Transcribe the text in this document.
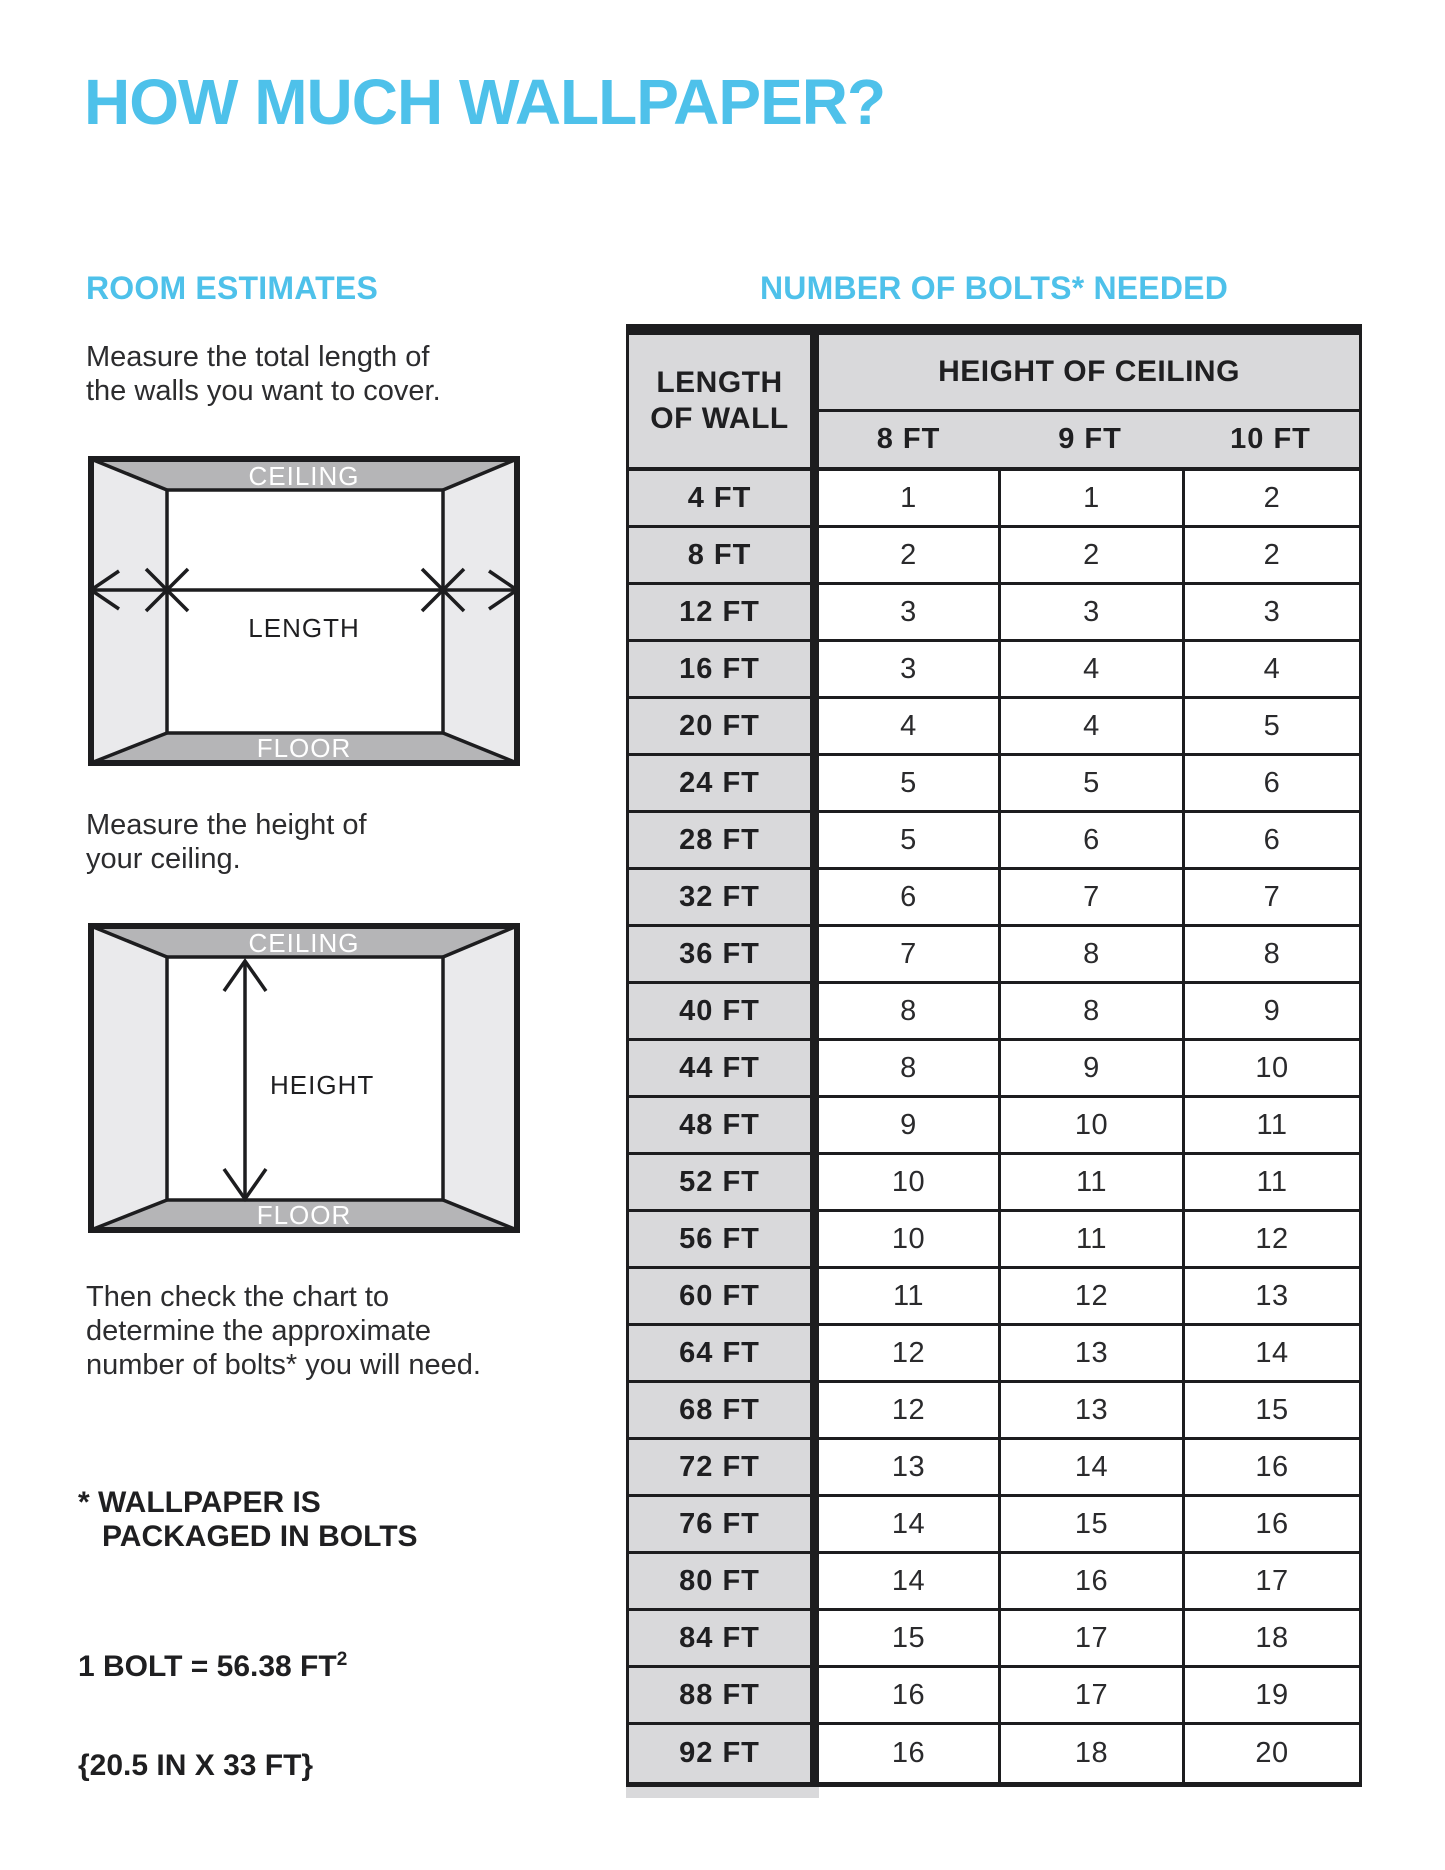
HOW MUCH WALLPAPER?
ROOM ESTIMATES	NUMBER OF BOLTS* NEEDED
Measure the total length of
the walls you want to cover.
CEILING
FLOOR
LENGTH
Measure the height of
your ceiling.
CEILING
FLOOR
HEIGHT
Then check the chart to
determine the approximate
number of bolts* you will need.
* WALLPAPER IS
PACKAGED IN BOLTS

1 BOLT = 56.38 $FT^2$

{20.5 IN X 33 FT}

LENGTH
OF WALL
HEIGHT OF CEILING
8 FT	9 FT	10 FT
4 FT	1	1	2
8 FT	2	2	2
12 FT	3	3	3
16 FT	3	4	4
20 FT	4	4	5
24 FT	5	5	6
28 FT	5	6	6
32 FT	6	7	7
36 FT	7	8	8
40 FT	8	8	9
44 FT	8	9	10
48 FT	9	10	11
52 FT	10	11	11
56 FT	10	11	12
60 FT	11	12	13
64 FT	12	13	14
68 FT	12	13	15
72 FT	13	14	16
76 FT	14	15	16
80 FT	14	16	17
84 FT	15	17	18
88 FT	16	17	19
92 FT	16	18	20
